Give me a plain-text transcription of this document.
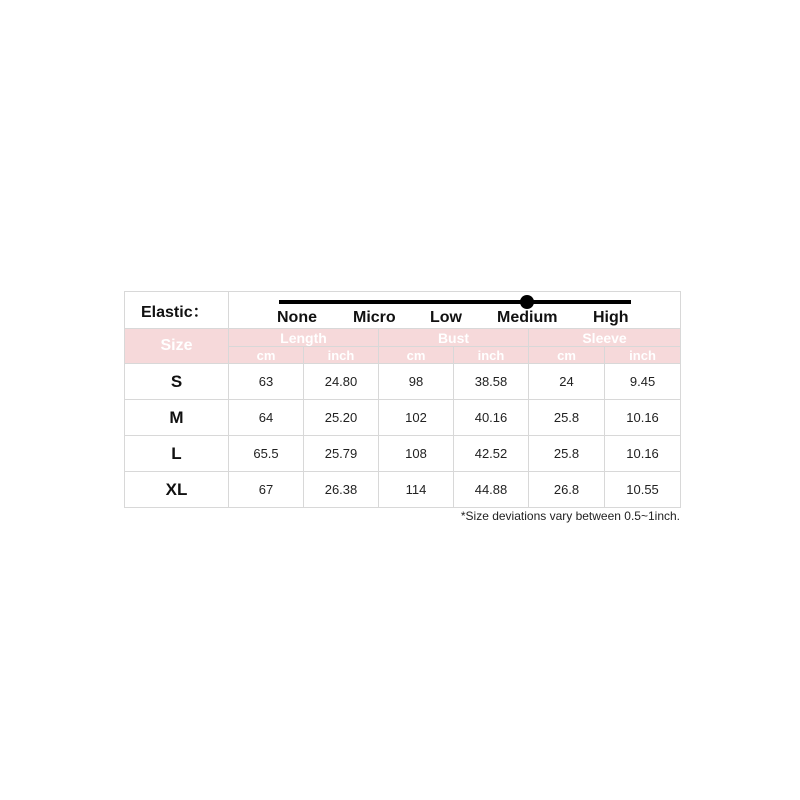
Elastic：	None Micro Low Medium High					

Size	Length		Bust		Sleeve	
	cm	inch	cm	inch	cm	inch
S	63	24.80	98	38.58	24	9.45
M	64	25.20	102	40.16	25.8	10.16
L	65.5	25.79	108	42.52	25.8	10.16
XL	67	26.38	114	44.88	26.8	10.55
*Size deviations vary between 0.5~1inch.
